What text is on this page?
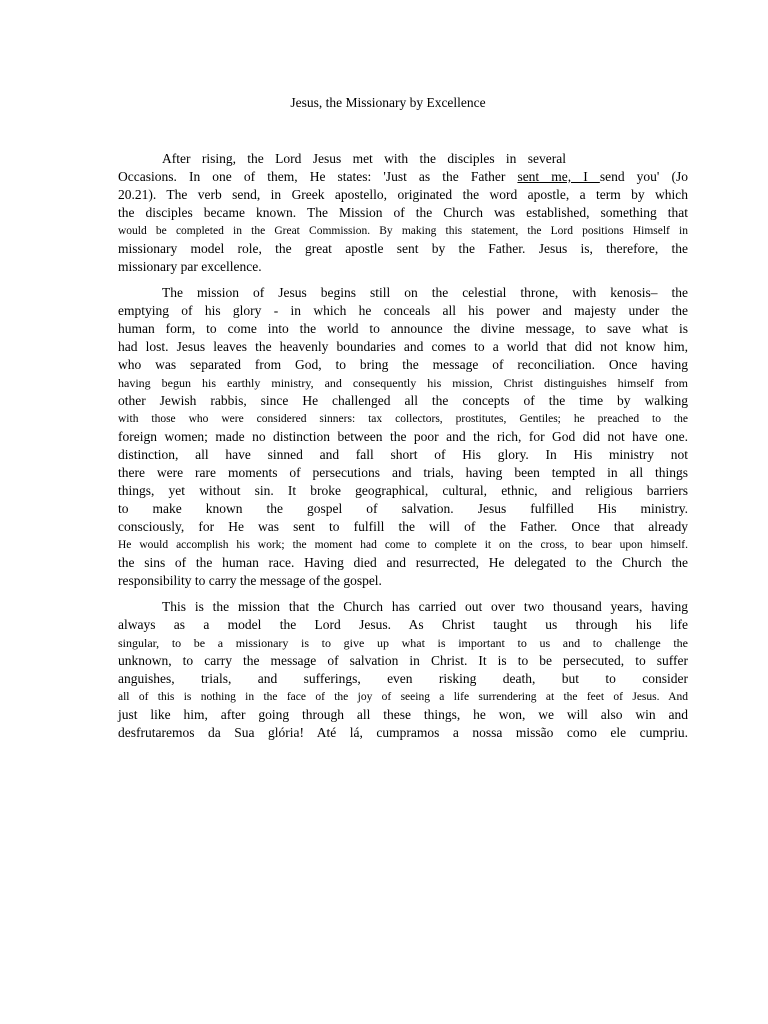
Jesus, the Missionary by Excellence
After rising, the Lord Jesus met with the disciples in several
Occasions. In one of them, He states: 'Just as the Father sent me, I send you' (Jo
20.21). The verb send, in Greek apostello, originated the word apostle, a term by which
the disciples became known. The Mission of the Church was established, something that
would be completed in the Great Commission. By making this statement, the Lord positions Himself in
missionary model role, the great apostle sent by the Father. Jesus is, therefore, the
missionary par excellence.
The mission of Jesus begins still on the celestial throne, with kenosis– the
emptying of his glory - in which he conceals all his power and majesty under the
human form, to come into the world to announce the divine message, to save what is
had lost. Jesus leaves the heavenly boundaries and comes to a world that did not know him,
who was separated from God, to bring the message of reconciliation. Once having
having begun his earthly ministry, and consequently his mission, Christ distinguishes himself from
other Jewish rabbis, since He challenged all the concepts of the time by walking
with those who were considered sinners: tax collectors, prostitutes, Gentiles; he preached to the
foreign women; made no distinction between the poor and the rich, for God did not have one.
distinction, all have sinned and fall short of His glory. In His ministry not
there were rare moments of persecutions and trials, having been tempted in all things
things, yet without sin. It broke geographical, cultural, ethnic, and religious barriers
to make known the gospel of salvation. Jesus fulfilled His ministry.
consciously, for He was sent to fulfill the will of the Father. Once that already
He would accomplish his work; the moment had come to complete it on the cross, to bear upon himself.
the sins of the human race. Having died and resurrected, He delegated to the Church the
responsibility to carry the message of the gospel.
This is the mission that the Church has carried out over two thousand years, having
always as a model the Lord Jesus. As Christ taught us through his life
singular, to be a missionary is to give up what is important to us and to challenge the
unknown, to carry the message of salvation in Christ. It is to be persecuted, to suffer
anguishes, trials, and sufferings, even risking death, but to consider
all of this is nothing in the face of the joy of seeing a life surrendering at the feet of Jesus. And
just like him, after going through all these things, he won, we will also win and
desfrutaremos da Sua glória! Até lá, cumpramos a nossa missão como ele cumpriu.
